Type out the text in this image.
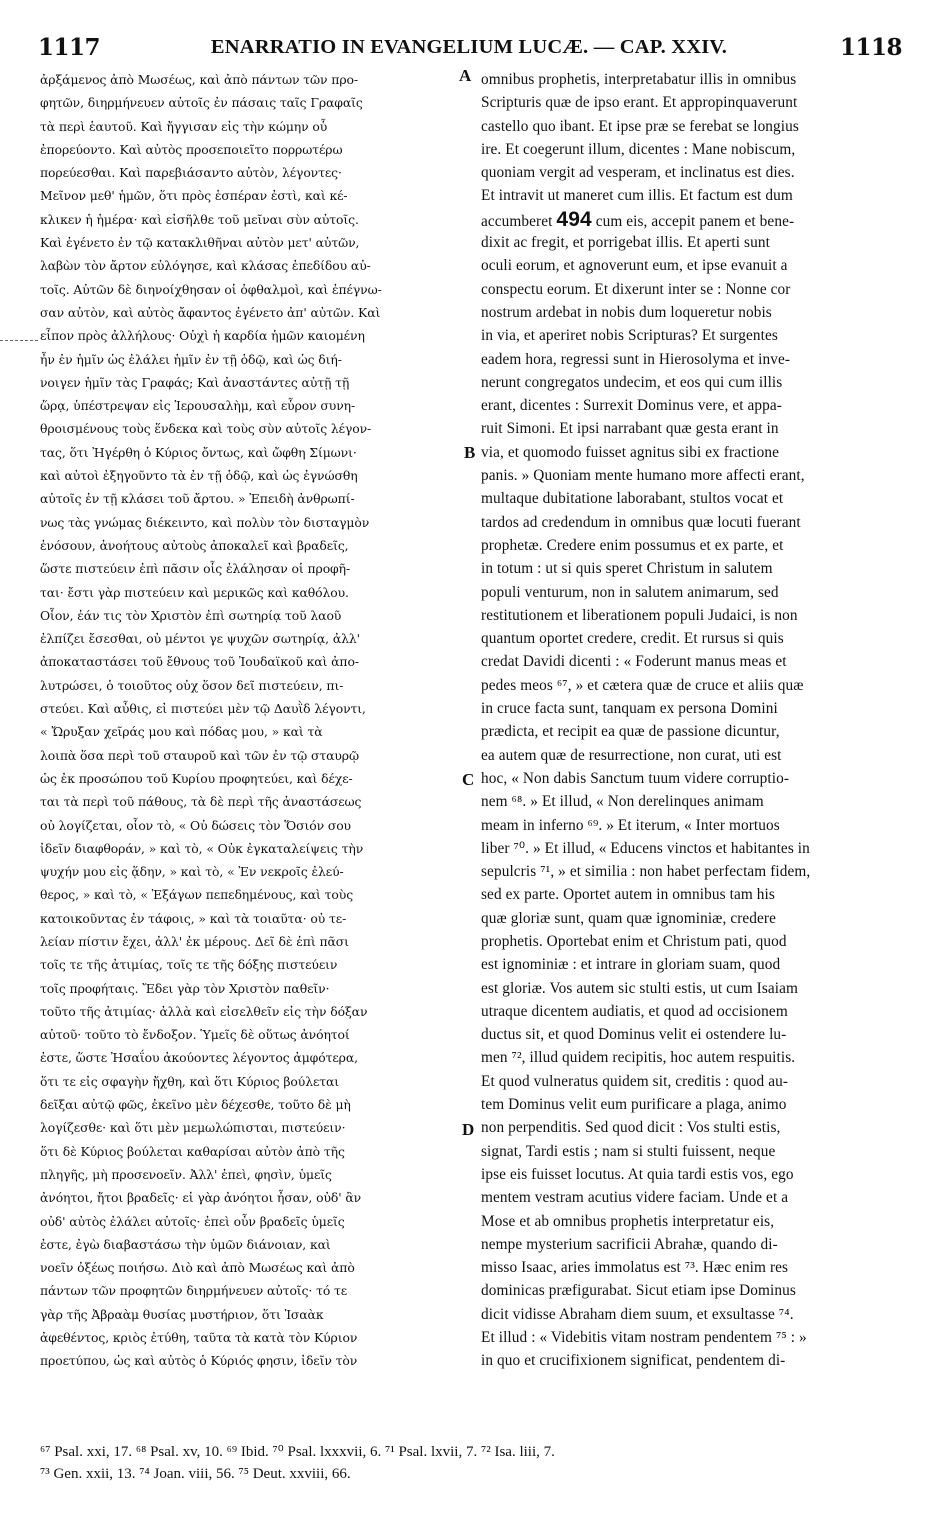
1117	ENARRATIO IN EVANGELIUM LUCÆ. — CAP. XXIV.	1118
ἀρξάμενος ἀπὸ Μωσέως, καὶ ἀπὸ πάντων τῶν προ-
φητῶν, διηρμήνευεν αὐτοῖς ἐν πάσαις ταῖς Γραφαῖς
τὰ περὶ ἑαυτοῦ. Καὶ ἤγγισαν εἰς τὴν κώμην οὗ
ἐπορεύοντο. Καὶ αὐτὸς προσεποιεῖτο πορρωτέρω
πορεύεσθαι. Καὶ παρεβιάσαντο αὐτὸν, λέγοντες·
Μεῖνον μεθ' ἡμῶν, ὅτι πρὸς ἑσπέραν ἐστὶ, καὶ κέ-
κλικεν ἡ ἡμέρα· καὶ εἰσῆλθε τοῦ μεῖναι σὺν αὐτοῖς.
Καὶ ἐγένετο ἐν τῷ κατακλιθῆναι αὐτὸν μετ' αὐτῶν,
λαβὼν τὸν ἄρτον εὐλόγησε, καὶ κλάσας ἐπεδίδου αὐ-
τοῖς. Αὐτῶν δὲ διηνοίχθησαν οἱ ὀφθαλμοὶ, καὶ ἐπέγνω-
σαν αὐτὸν, καὶ αὐτὸς ἄφαντος ἐγένετο ἀπ' αὐτῶν. Καὶ
εἶπον πρὸς ἀλλήλους· Οὐχὶ ἡ καρδία ἡμῶν καιομένη
ἦν ἐν ἡμῖν ὡς ἐλάλει ἡμῖν ἐν τῇ ὁδῷ, καὶ ὡς διή-
νοιγεν ἡμῖν τὰς Γραφάς; Καὶ ἀναστάντες αὐτῇ τῇ
ὥρᾳ, ὑπέστρεψαν εἰς Ἱερουσαλὴμ, καὶ εὗρον συνη-
θροισμένους τοὺς ἕνδεκα καὶ τοὺς σὺν αὐτοῖς λέγον-
τας, ὅτι Ἠγέρθη ὁ Κύριος ὄντως, καὶ ὤφθη Σίμωνι·
καὶ αὐτοὶ ἐξηγοῦντο τὰ ἐν τῇ ὁδῷ, καὶ ὡς ἐγνώσθη
αὐτοῖς ἐν τῇ κλάσει τοῦ ἄρτου. » Ἐπειδὴ ἀνθρωπί-
νως τὰς γνώμας διέκειντο, καὶ πολὺν τὸν δισταγμὸν
ἐνόσουν, ἀνοήτους αὐτοὺς ἀποκαλεῖ καὶ βραδεῖς,
ὥστε πιστεύειν ἐπὶ πᾶσιν οἷς ἐλάλησαν οἱ προφῆ-
ται· ἔστι γὰρ πιστεύειν καὶ μερικῶς καὶ καθόλου.
Οἷον, ἐάν τις τὸν Χριστὸν ἐπὶ σωτηρίᾳ τοῦ λαοῦ
ἐλπίζει ἔσεσθαι, οὐ μέντοι γε ψυχῶν σωτηρίᾳ, ἀλλ'
ἀποκαταστάσει τοῦ ἔθνους τοῦ Ἰουδαϊκοῦ καὶ ἀπο-
λυτρώσει, ὁ τοιοῦτος οὐχ ὅσον δεῖ πιστεύειν, πι-
στεύει. Καὶ αὖθις, εἰ πιστεύει μὲν τῷ Δαυῒδ λέγοντι,
« Ὤρυξαν χεῖράς μου καὶ πόδας μου, » καὶ τὰ
λοιπὰ ὅσα περὶ τοῦ σταυροῦ καὶ τῶν ἐν τῷ σταυρῷ
ὡς ἐκ προσώπου τοῦ Κυρίου προφητεύει, καὶ δέχε-
ται τὰ περὶ τοῦ πάθους, τὰ δὲ περὶ τῆς ἀναστάσεως
οὐ λογίζεται, οἷον τὸ, « Οὐ δώσεις τὸν Ὅσιόν σου
ἰδεῖν διαφθοράν, » καὶ τὸ, « Οὐκ ἐγκαταλείψεις τὴν
ψυχήν μου εἰς ᾅδην, » καὶ τὸ, « Ἐν νεκροῖς ἐλεύ-
θερος, » καὶ τὸ, « Ἐξάγων πεπεδημένους, καὶ τοὺς
κατοικοῦντας ἐν τάφοις, » καὶ τὰ τοιαῦτα· οὐ τε-
λείαν πίστιν ἔχει, ἀλλ' ἐκ μέρους. Δεῖ δὲ ἐπὶ πᾶσι
τοῖς τε τῆς ἀτιμίας, τοῖς τε τῆς δόξης πιστεύειν
τοῖς προφήταις. Ἔδει γὰρ τὸν Χριστὸν παθεῖν·
τοῦτο τῆς ἀτιμίας· ἀλλὰ καὶ εἰσελθεῖν εἰς τὴν δόξαν
αὐτοῦ· τοῦτο τὸ ἔνδοξον. Ὑμεῖς δὲ οὕτως ἀνόητοί
ἐστε, ὥστε Ἠσαΐου ἀκούοντες λέγοντος ἀμφότερα,
ὅτι τε εἰς σφαγὴν ἤχθη, καὶ ὅτι Κύριος βούλεται
δεῖξαι αὐτῷ φῶς, ἐκεῖνο μὲν δέχεσθε, τοῦτο δὲ μὴ
λογίζεσθε· καὶ ὅτι μὲν μεμωλώπισται, πιστεύειν·
ὅτι δὲ Κύριος βούλεται καθαρίσαι αὐτὸν ἀπὸ τῆς
πληγῆς, μὴ προσενοεῖν. Ἀλλ' ἐπεὶ, φησὶν, ὑμεῖς
ἀνόητοι, ἤτοι βραδεῖς· εἰ γὰρ ἀνόητοι ἦσαν, οὐδ' ἂν
οὐδ' αὐτὸς ἐλάλει αὐτοῖς· ἐπεὶ οὖν βραδεῖς ὑμεῖς
ἐστε, ἐγὼ διαβαστάσω τὴν ὑμῶν διάνοιαν, καὶ
νοεῖν ὀξέως ποιήσω. Διὸ καὶ ἀπὸ Μωσέως καὶ ἀπὸ
πάντων τῶν προφητῶν διηρμήνευεν αὐτοῖς· τό τε
γὰρ τῆς Ἀβραὰμ θυσίας μυστήριον, ὅτι Ἰσαὰκ
ἀφεθέντος, κριὸς ἐτύθη, ταῦτα τὰ κατὰ τὸν Κύριον
προετύπου, ὡς καὶ αὐτὸς ὁ Κύριός φησιν, ἰδεῖν τὸν
omnibus prophetis, interpretabatur illis in omnibus
Scripturis quæ de ipso erant. Et appropinquaverunt
castello quo ibant. Et ipse præ se ferebat se longius
ire. Et coegerunt illum, dicentes : Mane nobiscum,
quoniam vergit ad vesperam, et inclinatus est dies.
Et intravit ut maneret cum illis. Et factum est dum
accumberet 494 cum eis, accepit panem et bene-
dixit ac fregit, et porrigebat illis. Et aperti sunt
oculi eorum, et agnoverunt eum, et ipse evanuit a
conspectu eorum. Et dixerunt inter se : Nonne cor
nostrum ardebat in nobis dum loqueretur nobis
in via, et aperiret nobis Scripturas? Et surgentes
eadem hora, regressi sunt in Hierosolyma et inve-
nerunt congregatos undecim, et eos qui cum illis
erant, dicentes : Surrexit Dominus vere, et appa-
ruit Simoni. Et ipsi narrabant quæ gesta erant in
via, et quomodo fuisset agnitus sibi ex fractione
panis. » Quoniam mente humano more affecti erant,
multaque dubitatione laborabant, stultos vocat et
tardos ad credendum in omnibus quæ locuti fuerant
prophetæ. Credere enim possumus et ex parte, et
in totum : ut si quis speret Christum in salutem
populi venturum, non in salutem animarum, sed
restitutionem et liberationem populi Judaici, is non
quantum oportet credere, credit. Et rursus si quis
credat Davidi dicenti : « Foderunt manus meas et
pedes meos ⁶⁷, » et cætera quæ de cruce et aliis quæ
in cruce facta sunt, tanquam ex persona Domini
prædicta, et recipit ea quæ de passione dicuntur,
ea autem quæ de resurrectione, non curat, uti est
hoc, « Non dabis Sanctum tuum videre corruptio-
nem ⁶⁸. » Et illud, « Non derelinques animam
meam in inferno ⁶⁹. » Et iterum, « Inter mortuos
liber ⁷⁰. » Et illud, « Educens vinctos et habitantes in
sepulcris ⁷¹, » et similia : non habet perfectam fidem,
sed ex parte. Oportet autem in omnibus tam his
quæ gloriæ sunt, quam quæ ignominiæ, credere
prophetis. Oportebat enim et Christum pati, quod
est ignominiæ : et intrare in gloriam suam, quod
est gloriæ. Vos autem sic stulti estis, ut cum Isaiam
utraque dicentem audiatis, et quod ad occisionem
ductus sit, et quod Dominus velit ei ostendere lu-
men ⁷², illud quidem recipitis, hoc autem respuitis.
Et quod vulneratus quidem sit, creditis : quod au-
tem Dominus velit eum purificare a plaga, animo
non perpenditis. Sed quod dicit : Vos stulti estis,
signat, Tardi estis ; nam si stulti fuissent, neque
ipse eis fuisset locutus. At quia tardi estis vos, ego
mentem vestram acutius videre faciam. Unde et a
Mose et ab omnibus prophetis interpretatur eis,
nempe mysterium sacrificii Abrahæ, quando di-
misso Isaac, aries immolatus est ⁷³. Hæc enim res
dominicas præfigurabat. Sicut etiam ipse Dominus
dicit vidisse Abraham diem suum, et exsultasse ⁷⁴.
Et illud : « Videbitis vitam nostram pendentem ⁷⁵ : »
in quo et crucifixionem significat, pendentem di-
A
B
C
D
⁶⁷ Psal. xxi, 17. ⁶⁸ Psal. xv, 10. ⁶⁹ Ibid. ⁷⁰ Psal. lxxxvii, 6. ⁷¹ Psal. lxvii, 7. ⁷² Isa. liii, 7.
⁷³ Gen. xxii, 13. ⁷⁴ Joan. viii, 56. ⁷⁵ Deut. xxviii, 66.
